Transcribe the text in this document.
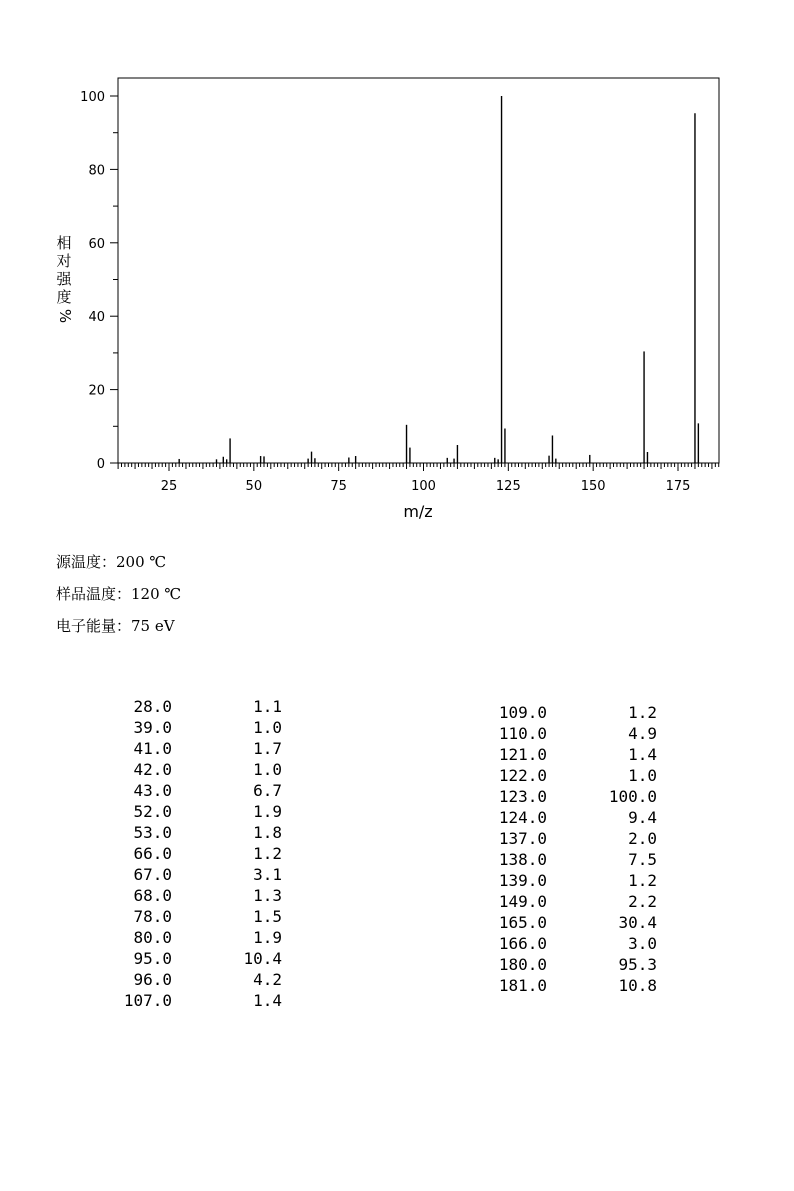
25	50	75	100	125	150	175
0
20
40
60
80
100
m/z
相
对
强
度
%
源温度：200 ℃
样品温度：120 ℃
电子能量：75 eV
28.0	1.1
39.0	1.0
41.0	1.7
42.0	1.0
43.0	6.7
52.0	1.9
53.0	1.8
66.0	1.2
67.0	3.1
68.0	1.3
78.0	1.5
80.0	1.9
95.0	10.4
96.0	4.2
107.0	1.4
109.0	1.2
110.0	4.9
121.0	1.4
122.0	1.0
123.0	100.0
124.0	9.4
137.0	2.0
138.0	7.5
139.0	1.2
149.0	2.2
165.0	30.4
166.0	3.0
180.0	95.3
181.0	10.8
